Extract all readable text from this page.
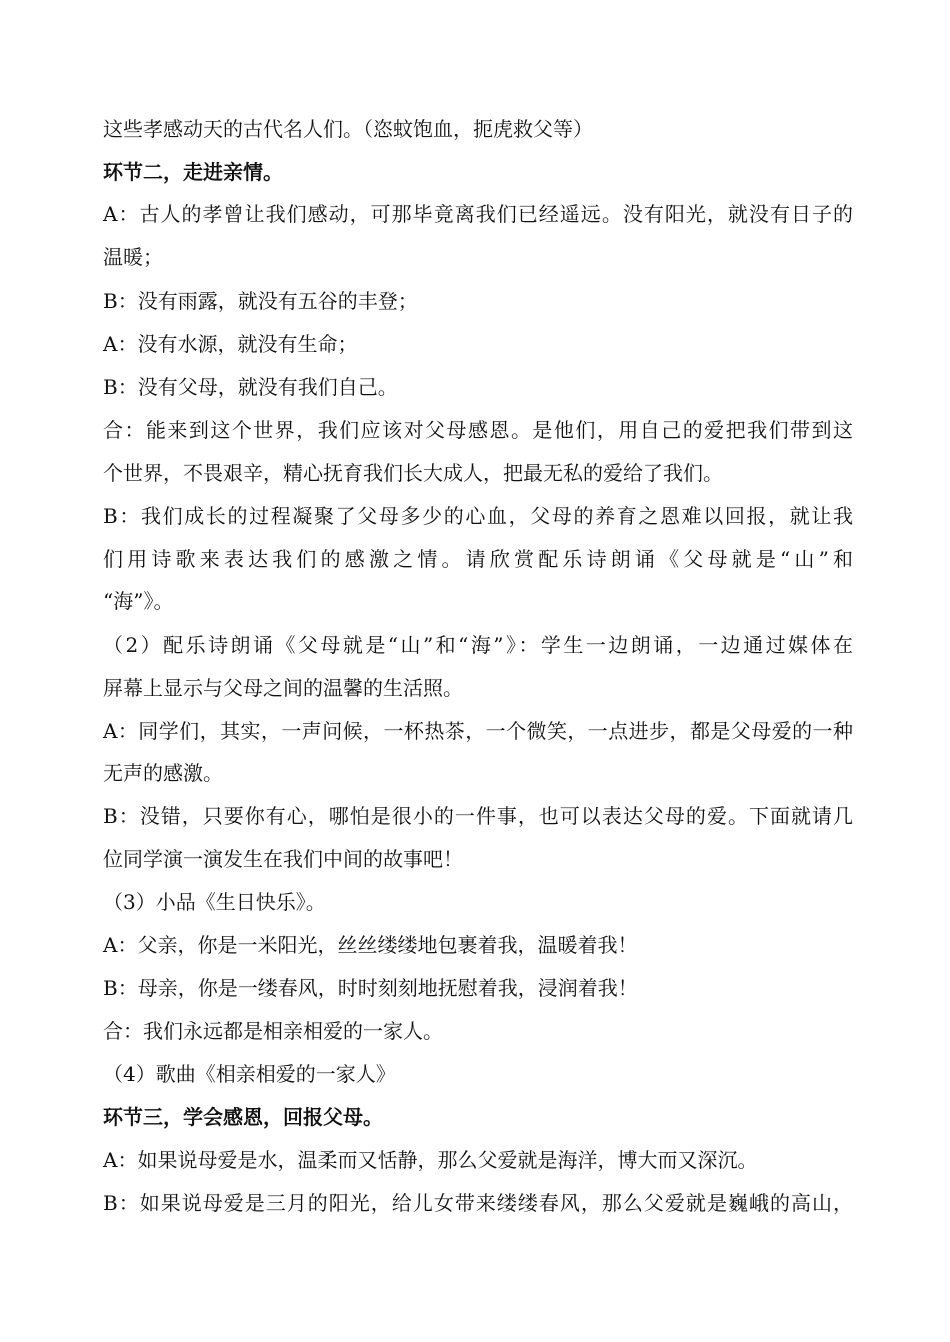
这些孝感动天的古代名人们。（恣蚊饱血，扼虎救父等）
环节二，走进亲情。
A：古人的孝曾让我们感动，可那毕竟离我们已经遥远。没有阳光，就没有日子的
温暖；
B：没有雨露，就没有五谷的丰登；
A：没有水源，就没有生命；
B：没有父母，就没有我们自己。
合：能来到这个世界，我们应该对父母感恩。是他们，用自己的爱把我们带到这
个世界，不畏艰辛，精心抚育我们长大成人，把最无私的爱给了我们。
B：我们成长的过程凝聚了父母多少的心血，父母的养育之恩难以回报，就让我
们用诗歌来表达我们的感激之情。请欣赏配乐诗朗诵《父母就是“山”和
“海”》。
（2）配乐诗朗诵《父母就是“山”和“海”》：学生一边朗诵，一边通过媒体在
屏幕上显示与父母之间的温馨的生活照。
A：同学们，其实，一声问候，一杯热茶，一个微笑，一点进步，都是父母爱的一种
无声的感激。
B：没错，只要你有心，哪怕是很小的一件事，也可以表达父母的爱。下面就请几
位同学演一演发生在我们中间的故事吧！
（3）小品《生日快乐》。
A：父亲，你是一米阳光，丝丝缕缕地包裹着我，温暖着我！
B：母亲，你是一缕春风，时时刻刻地抚慰着我，浸润着我！
合：我们永远都是相亲相爱的一家人。
（4）歌曲《相亲相爱的一家人》
环节三，学会感恩，回报父母。
A：如果说母爱是水，温柔而又恬静，那么父爱就是海洋，博大而又深沉。
B：如果说母爱是三月的阳光，给儿女带来缕缕春风，那么父爱就是巍峨的高山，
